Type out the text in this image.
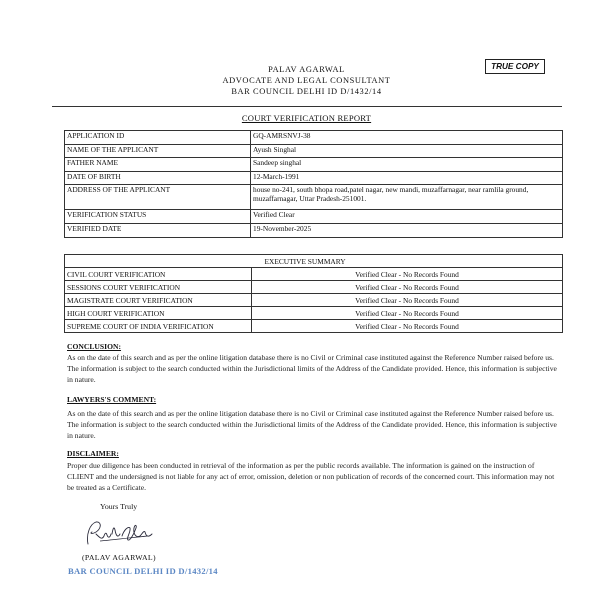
PALAV AGARWAL
ADVOCATE AND LEGAL CONSULTANT
BAR COUNCIL DELHI ID D/1432/14
TRUE COPY
COURT VERIFICATION REPORT
APPLICATION ID	GQ-AMRSNVJ-38
NAME OF THE APPLICANT	Ayush Singhal
FATHER NAME	Sandeep singhal
DATE OF BIRTH	12-March-1991
ADDRESS OF THE APPLICANT	house no-241, south bhopa road,patel nagar, new mandi, muzaffarnagar, near ramlila ground, muzaffarnagar, Uttar Pradesh-251001.
VERIFICATION STATUS	Verified Clear
VERIFIED DATE	19-November-2025
	EXECUTIVE SUMMARY
CIVIL COURT VERIFICATION	Verified Clear - No Records Found
SESSIONS COURT VERIFICATION	Verified Clear - No Records Found
MAGISTRATE COURT VERIFICATION	Verified Clear - No Records Found
HIGH COURT VERIFICATION	Verified Clear - No Records Found
SUPREME COURT OF INDIA VERIFICATION	Verified Clear - No Records Found
CONCLUSION:
As on the date of this search and as per the online litigation database there is no Civil or Criminal case instituted against the Reference Number raised before us. The information is subject to the search conducted within the Jurisdictional limits of the Address of the Candidate provided. Hence, this information is subjective in nature.
LAWYERS'S COMMENT:
As on the date of this search and as per the online litigation database there is no Civil or Criminal case instituted against the Reference Number raised before us. The information is subject to the search conducted within the Jurisdictional limits of the Address of the Candidate provided. Hence, this information is subjective in nature.
DISCLAIMER:
Proper due diligence has been conducted in retrieval of the information as per the public records available. The information is gained on the instruction of CLIENT and the undersigned is not liable for any act of error, omission, deletion or non publication of records of the concerned court. This information may not be treated as a Certificate.
Yours Truly
(PALAV AGARWAL)
BAR COUNCIL DELHI ID D/1432/14
